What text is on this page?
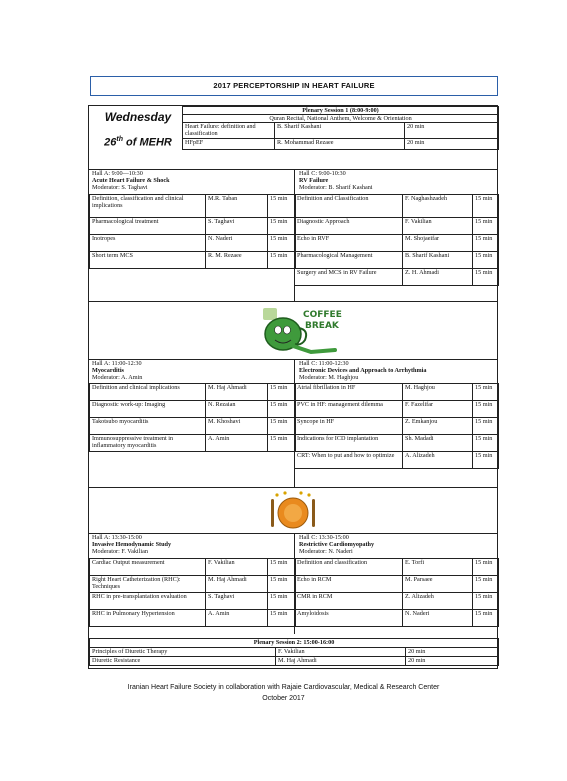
2017 PERCEPTORSHIP IN HEART FAILURE
Wednesday
26th of MEHR
Plenary Session 1 (8:00-9:00)		
Quran Recital, National Anthem, Welcome & Orientation		
Heart Failure: definition and classification	B. Sharif Kashani	20 min
HFpEF	R. Mohammad Rezaee	20 min
Hall A: 9:00—10:30
Acute Heart Failure & Shock
Moderator: S. Taghavi
Hall C: 9:00-10:30
RV Failure
Moderator: B. Sharif Kashani
Definition, classification and clinical implications	M.R. Taban	15 min
Pharmacological treatment	S. Taghavi	15 min
Inotropes	N. Naderi	15 min
Short term MCS	R. M. Rezaee	15 min
Definition and Classification	F. Naghashzadeh	15 min
Diagnostic Approach	F. Vakilian	15 min
Echo in RVF	M. Shojaeifar	15 min
Pharmacological Management	B. Sharif Kashani	15 min
Surgery and MCS in RV Failure	Z. H. Ahmadi	15 min
COFFEE
BREAK
Hall A: 11:00-12:30
Myocarditis
Moderator: A. Amin
Hall C: 11:00-12:30
Electronic Devices and Approach to Arrhythmia
Moderator: M. Haghjou
Definition and clinical implications	M. Haj Ahmadi	15 min
Diagnostic work-up: Imaging	N. Rezaian	15 min
Takotsubo myocarditis	M. Khoshavi	15 min
Immunosuppressive treatment in inflammatory myocarditis	A. Amin	15 min
Atrial fibrillation in HF	M. Haghjou	15 min
PVC in HF: management dilemma	F. Fazelifar	15 min
Syncope in HF	Z. Emkanjou	15 min
Indications for ICD implantation	Sh. Madadi	15 min
CRT: When to put and how to optimize	A. Alizadeh	15 min
Hall A: 13:30-15:00
Invasive Hemodynamic Study
Moderator: F. Vakilian
Hall C: 13:30-15:00
Restrictive Cardiomyopathy
Moderator: N. Naderi
Cardiac Output measurement	F. Vakilian	15 min
Right Heart Catheterization (RHC): Techniques	M. Haj Ahmadi	15 min
RHC in pre-transplantation evaluation	S. Taghavi	15 min
RHC in Pulmonary Hypertension	A. Amin	15 min
Definition and classification	E. Torfi	15 min
Echo in RCM	M. Parsaee	15 min
CMR in RCM	Z. Alizadeh	15 min
Amyloidosis	N. Naderi	15 min
Plenary Session 2: 15:00-16:00		
Principles of Diuretic Therapy	F. Vakilian	20 min
Diuretic Resistance	M. Haj Ahmadi	20 min
Iranian Heart Failure Society in collaboration with Rajaie Cardiovascular, Medical & Research Center
October 2017
